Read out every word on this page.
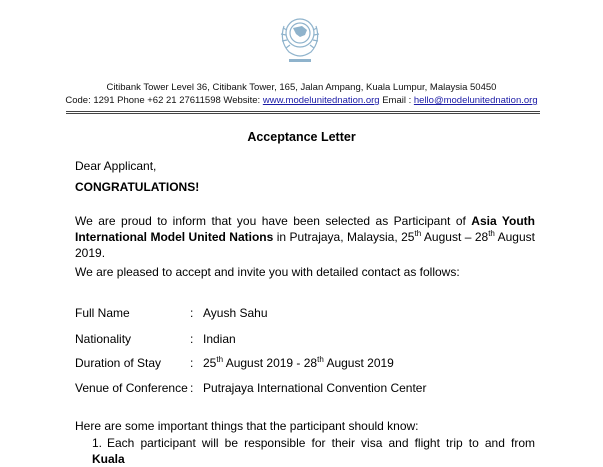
Citibank Tower Level 36, Citibank Tower, 165, Jalan Ampang, Kuala Lumpur, Malaysia 50450
Code: 1291 Phone +62 21 27611598 Website: www.modelunitednation.org Email : hello@modelunitednation.org
Acceptance Letter
Dear Applicant,
CONGRATULATIONS!
We are proud to inform that you have been selected as Participant of Asia Youth International Model United Nations in Putrajaya, Malaysia, 25th August – 28th August 2019.
We are pleased to accept and invite you with detailed contact as follows:
Full Name	: Ayush Sahu
Nationality	: Indian
Duration of Stay : 25th August 2019 - 28th August 2019
Venue of Conference : Putrajaya International Convention Center
Here are some important things that the participant should know:
1. Each participant will be responsible for their visa and flight trip to and from Kuala
